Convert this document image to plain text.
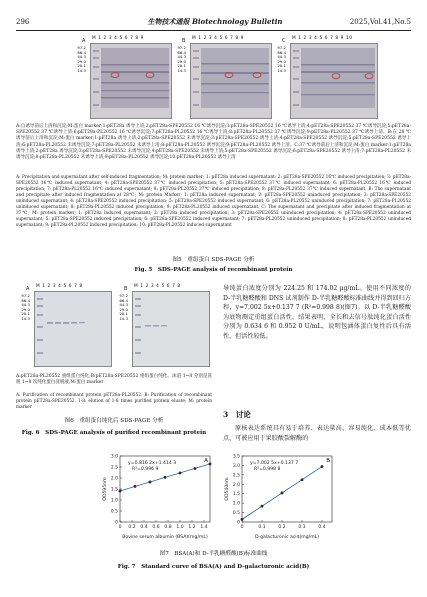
296	生物技术通报 Biotechnology Bulletin	2025,Vol.41,No.5
A M 1 2 3 4 5 6 7 8 9
97.2
66.4
44.3
29.0
20.1
14.3
B M 1 2 3 4 5 6 7 8 9
97.2
66.4
44.3
29.0
20.1
14.3
C M 1 2 3 4 5 6 7 8 9 10
97.2
66.4
44.3
29.0
20.1
14.3
A:自诱导前后上清和沉淀;M:蛋白 marker;1:pET28a 诱导上清;2:pET28a-SPE20552 16 ℃诱导沉淀;3:pET28a-SPE20552 16 ℃诱导上清;4:pET28a-SPE20552 37 ℃诱导沉淀;5:pET28a-SPE20552 37 ℃诱导上清;6:pET28a-PL20552 16 ℃诱导沉淀;7:pET28a-PL20552 16 ℃诱导上清;8:pET28a-PL20552 37 ℃诱导沉淀;9:pET28a-PL20552 37 ℃诱导上清。B:在 28 ℃诱导前后上清和沉淀;M:蛋白 marker;1:pET28a 诱导上清;2:pET28a-SPE20552 未诱导沉淀;3:pET28a-SPE20552 诱导上清;4:pET28a-SPE20552 诱导沉淀;5:pET28a-SPE20552 诱导上清;6:pET28a-PL20552 未诱导沉淀;7:pET28a-PL20552 未诱导上清;8:pET28a-PL20552 诱导沉淀;9:pET28a-PL20552 诱导上清。C:37 ℃诱导前后上清和沉淀;M:蛋白 marker;1:pET28a 诱导上清;2:pET28a 诱导沉淀;3:pET28a-SPE20552 未诱导沉淀;4:pET28a-SPE20552 未诱导上清;5:pET28a-SPE20552 诱导沉淀;6:pET28a-SPE20552 诱导上清;7:pET28a-PL20552 未诱导沉淀;8:pET28a-PL20552 未诱导上清;9:pET28a-PL20552 诱导沉淀;10:pET28a-PL20552 诱导上清
A: Precipitation and supernatant after self-induced fragmentation; M: protein marker; 1: pET28a induced supernatant; 2: pET28a-SPE20552 16℃ induced precipitation; 3: pET28a-SPE20552 16℃ induced supernatant; 4: pET28a-SPE20552 37℃ induced precipitation; 5: pET28a-SPE20552 37℃ induced supernatant; 6: pET28a-PL20552 16℃ induced precipitation; 7: pET28a-PL20552 16℃ induced supernatant; 8: pET28a-PL20552 37℃ induced precipitation; 9: pET28a-PL20552 37℃ induced supernatant. B: The supernatant and precipitate after induced fragmentation at 28℃; M: protein Marker; 1: pET28a induced supernatant; 2: pET28a-SPE20552 uninduced precipitation; 3: pET28a-SPE20552 uninduced supernatant; 4: pET28a-SPE20552 induced precipitation; 5: pET28a-SPE20552 induced supernatant; 6: pET28a-PL20552 uninduced precipitation; 7: pET28a-PL20552 uninduced supernatant; 8: pET28a-PL20552 induced precipitation; 9: pET28a-PL20552 induced supernatant. C: The supernatant and precipitate after induced fragmentation at 37℃; M: protein marker; 1: pET28a induced supernatant; 2: pET28a induced precipitation; 3: pET28a-SPE20552 uninduced precipitation; 4: pET28a-SPE20552 uninduced supernatant; 5: pET28a-SPE20552 induced precipitation; 6: pET28a-SPE20552 induced supernatant; 7: pET28a-PL20552 uninduced precipitation; 8: pET28a-PL20552 uninduced supernatant; 9: pET28a-PL20552 induced precipitation; 10: pET28a-PL20552 induced supernatant
图5　重组蛋白 SDS-PAGE 分析
Fig. 5　SDS-PAGE analysis of recombinant protein
A M 1 2 3 4 5 6 7 8
97.2
66.4
44.3
29.0
20.1
14.3
B M 1 2 3 4 5 6 7 8
97.2
66.4
44.3
29.0
20.1
14.3
A:pET28a-PL20552 重组蛋白纯化;B:pET28a-SPE20552 重组蛋白纯化。泳道 1~8 分别是洗脱 1~8 次纯化蛋白洗脱液,M:蛋白 marker
A: Purification of recombinant protein pET28a-PL20552. B: Purification of recombinant protein pET28a-SPE20552. 1-8: elution of 1-8 times purified protein eluate; M: protein marker
图6　重组蛋白纯化后 SDS-PAGE 分析
Fig. 6　SDS-PAGE analysis of purified recombinant protein
导纯蛋白浓度分别为 224.25 和 174.02 μg/mL。使用不同浓度的 D-半乳糖醛酸和 DNS 试剂制作 D-半乳糖醛酸标准曲线并得到回归方程，y=7.002 5x+0.137 7 (R²=0.998 8)(图7)。以 D-半乳糖醛酸为底物测定重组蛋白活性，结果表明，全长和去信号肽纯化蛋白活性分别为 0.634 6 和 0.952 0 U/mL，说明包涵体蛋白复性后具有活性，但活性较低。
3　讨论
原核表达系统具有易于培养、表达量高、容易纯化、成本低等优点，可被应用于果胶酸裂解酶的
0
0.5
1.0
1.5
2.0
2.5
3.0
0 0.2 0.4 0.6 0.8 1.0 1.2 1.4
y=0.816 2x+1.414 3
R²=0.996 9
A
Bovine serum albumin (BSA)(mg/mL)
OD595nm
0
0.5
1.0
1.5
2.0
2.5
3.0
3.5
0	0.1	0.2	0.3	0.4
y=7.002 5x+0.137 7
R²=0.998 8
B
D-galacturonic acid(mg/mL)
OD540nm
图7　BSA(A)和 D-半乳糖醛酸(B)标准曲线
Fig. 7　Standard curve of BSA(A) and D-galacturonic acid(B)
